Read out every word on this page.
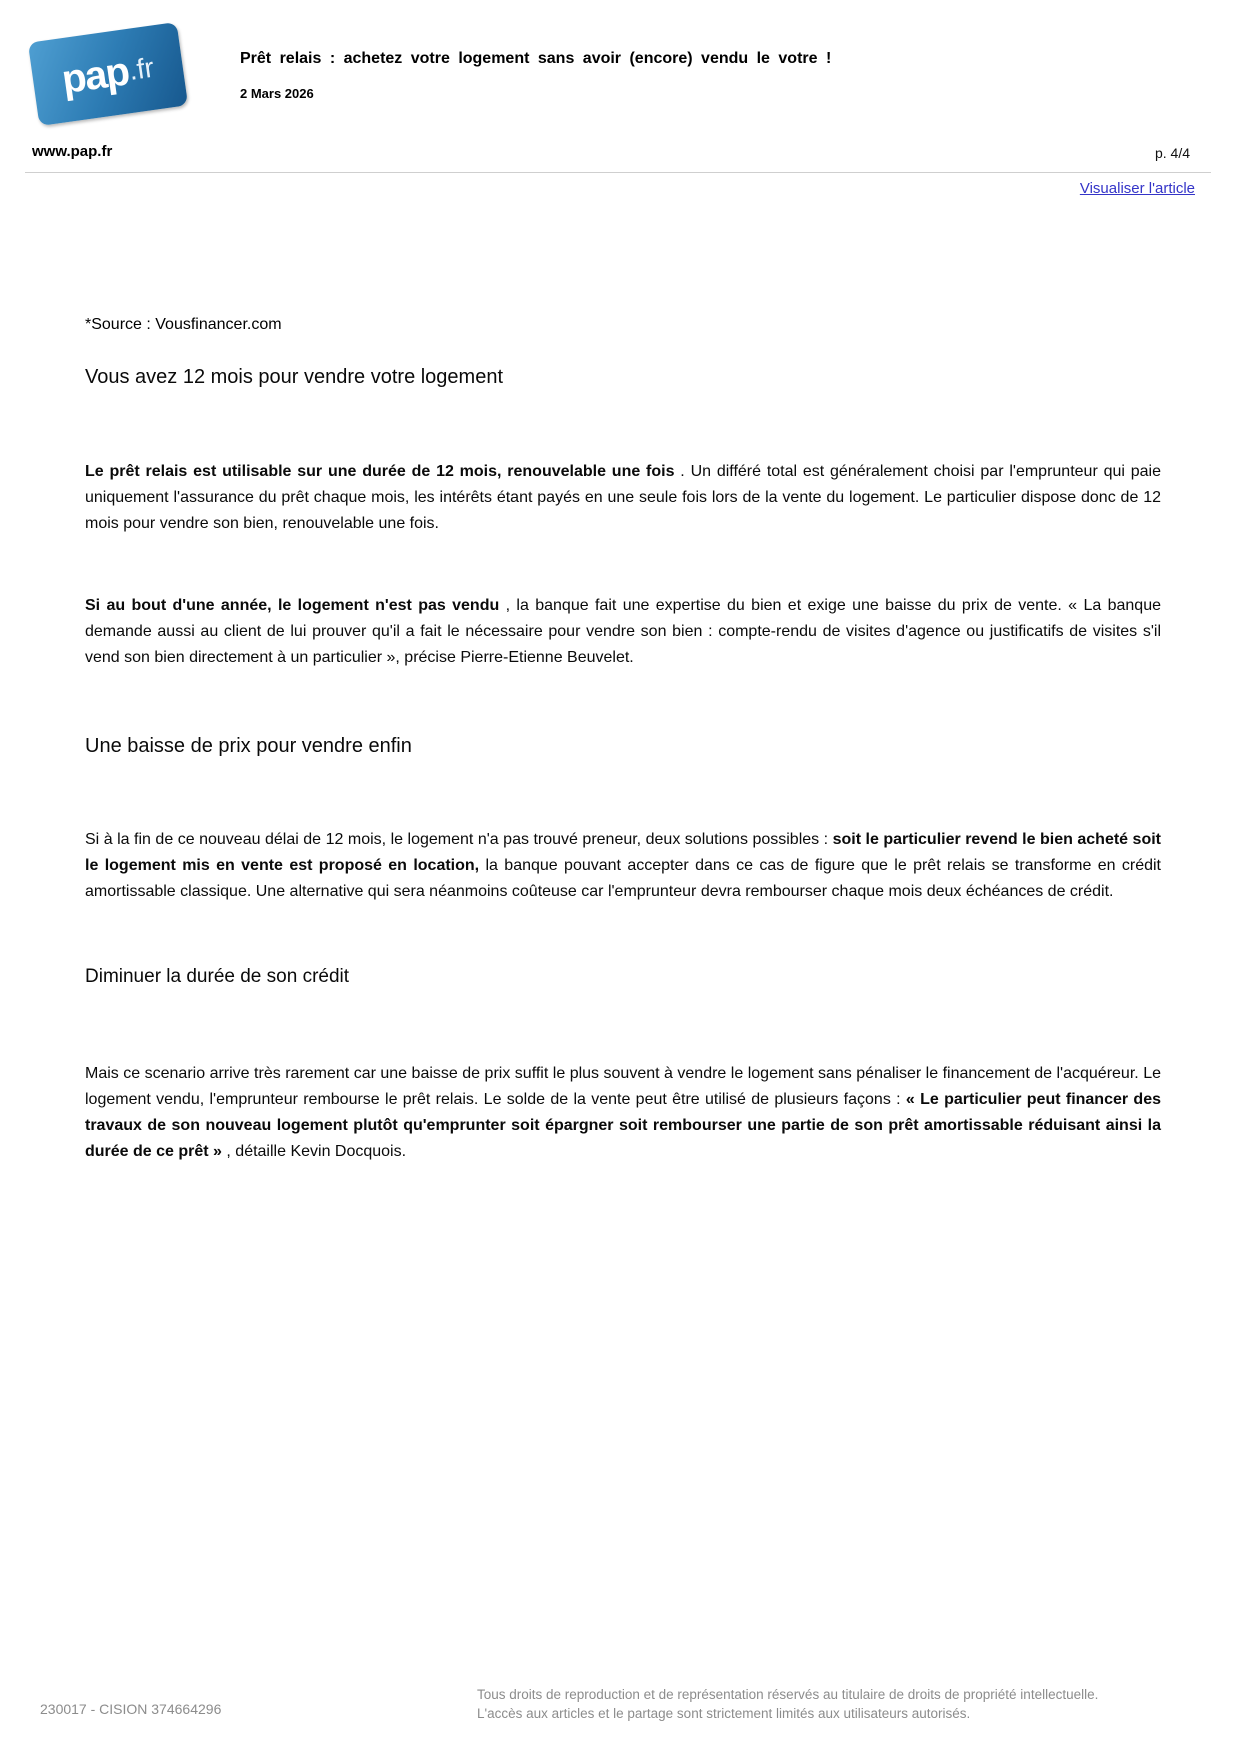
pap
.fr	Prêt relais : achetez votre logement sans avoir (encore) vendu le votre !
2 Mars 2026
www.pap.fr	p. 4/4
Visualiser l'article

*Source : Vousfinancer.com

Vous avez 12 mois pour vendre votre logement

Le prêt relais est utilisable sur une durée de 12 mois, renouvelable une fois . Un différé total est généralement choisi par l'emprunteur qui paie uniquement l'assurance du prêt chaque mois, les intérêts étant payés en une seule fois lors de la vente du logement. Le particulier dispose donc de 12 mois pour vendre son bien, renouvelable une fois.

Si au bout d'une année, le logement n'est pas vendu , la banque fait une expertise du bien et exige une baisse du prix de vente. « La banque demande aussi au client de lui prouver qu'il a fait le nécessaire pour vendre son bien : compte-rendu de visites d'agence ou justificatifs de visites s'il vend son bien directement à un particulier », précise Pierre-Etienne Beuvelet.

Une baisse de prix pour vendre enfin

Si à la fin de ce nouveau délai de 12 mois, le logement n'a pas trouvé preneur, deux solutions possibles : soit le particulier revend le bien acheté soit le logement mis en vente est proposé en location, la banque pouvant accepter dans ce cas de figure que le prêt relais se transforme en crédit amortissable classique. Une alternative qui sera néanmoins coûteuse car l'emprunteur devra rembourser chaque mois deux échéances de crédit.

Diminuer la durée de son crédit

Mais ce scenario arrive très rarement car une baisse de prix suffit le plus souvent à vendre le logement sans pénaliser le financement de l'acquéreur. Le logement vendu, l'emprunteur rembourse le prêt relais. Le solde de la vente peut être utilisé de plusieurs façons : « Le particulier peut financer des travaux de son nouveau logement plutôt qu'emprunter soit épargner soit rembourser une partie de son prêt amortissable réduisant ainsi la durée de ce prêt » , détaille Kevin Docquois.

230017 - CISION 374664296
Tous droits de reproduction et de représentation réservés au titulaire de droits de propriété intellectuelle.
L'accès aux articles et le partage sont strictement limités aux utilisateurs autorisés.
